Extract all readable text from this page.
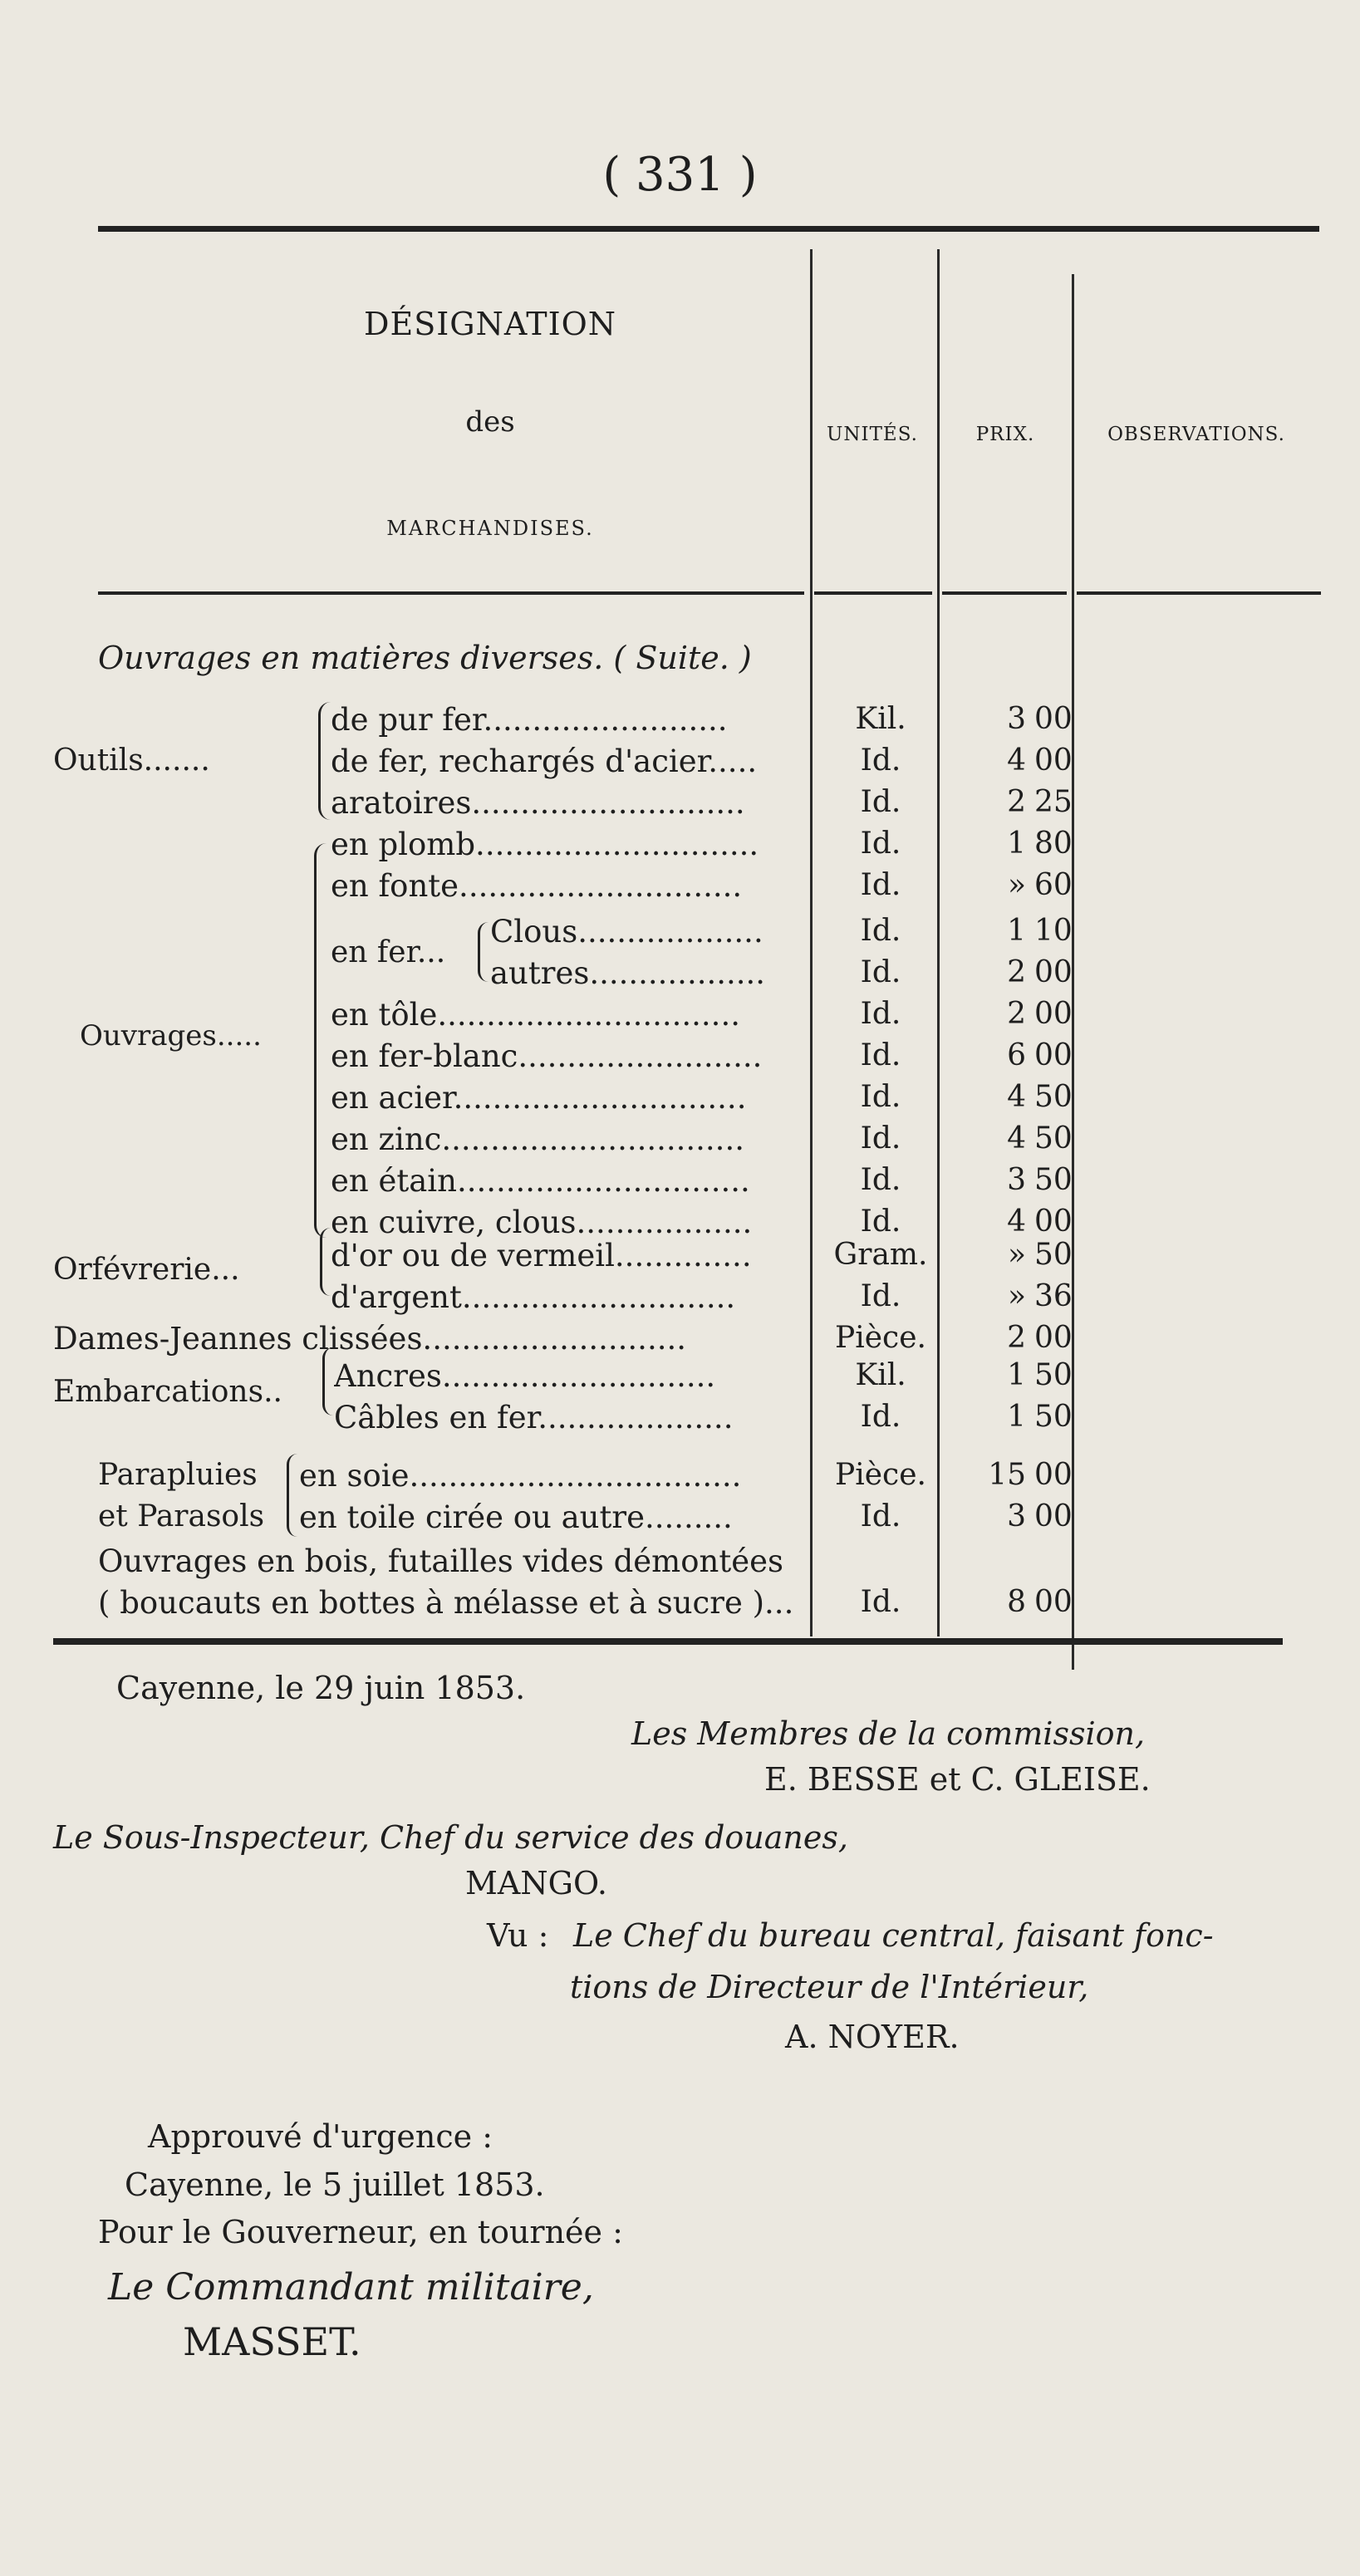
( 331 )
DÉSIGNATION
des
MARCHANDISES.
UNITÉS.	PRIX.	OBSERVATIONS.
Ouvrages en matières diverses. ( Suite. )
Outils.......
Ouvrages.....
en fer...
Orfévrerie...
Embarcations..
Parapluies
et Parasols
de pur fer.........................
de fer, rechargés d'acier.....
aratoires............................
en plomb.............................
en fonte.............................
Clous...................
autres..................
en tôle...............................
en fer-blanc.........................
en acier..............................
en zinc...............................
en étain..............................
en cuivre, clous..................
d'or ou de vermeil..............
d'argent............................
Dames-Jeannes clissées...........................
Ancres............................
Câbles en fer....................
en soie..................................
en toile cirée ou autre.........
Ouvrages en bois, futailles vides démontées
( boucauts en bottes à mélasse et à sucre )...
Kil.
Id.
Id.
Id.
Id.
Id.
Id.
Id.
Id.
Id.
Id.
Id.
Id.
Gram.
Id.
Pièce.
Kil.
Id.
Pièce.
Id.
Id.
3 00
4 00
2 25
1 80
» 60
1 10
2 00
2 00
6 00
4 50
4 50
3 50
4 00
» 50
» 36
2 00
1 50
1 50
15 00
3 00
8 00
Cayenne, le 29 juin 1853.
Les Membres de la commission,
E. BESSE et C. GLEISE.
Le Sous-Inspecteur, Chef du service des douanes,
MANGO.
Vu : Le Chef du bureau central, faisant fonc-
tions de Directeur de l'Intérieur,
A. NOYER.
Approuvé d'urgence :
Cayenne, le 5 juillet 1853.
Pour le Gouverneur, en tournée :
Le Commandant militaire,
MASSET.
